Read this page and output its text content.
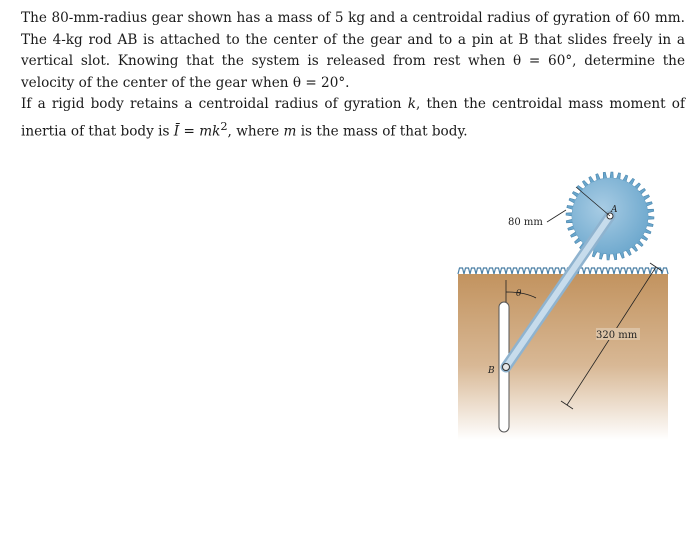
The 80-mm-radius gear shown has a mass of 5 kg and a centroidal radius of gyration of 60 mm. The 4-kg rod AB is attached to the center of the gear and to a pin at B that slides freely in a vertical slot. Knowing that the system is released from rest when θ = 60°, determine the velocity of the center of the gear when θ = 20°.

If a rigid body retains a centroidal radius of gyration k, then the centroidal mass moment of inertia of that body is Ī = $mk^2$, where m is the mass of that body.

80 mm
A
θ
B
320 mm
